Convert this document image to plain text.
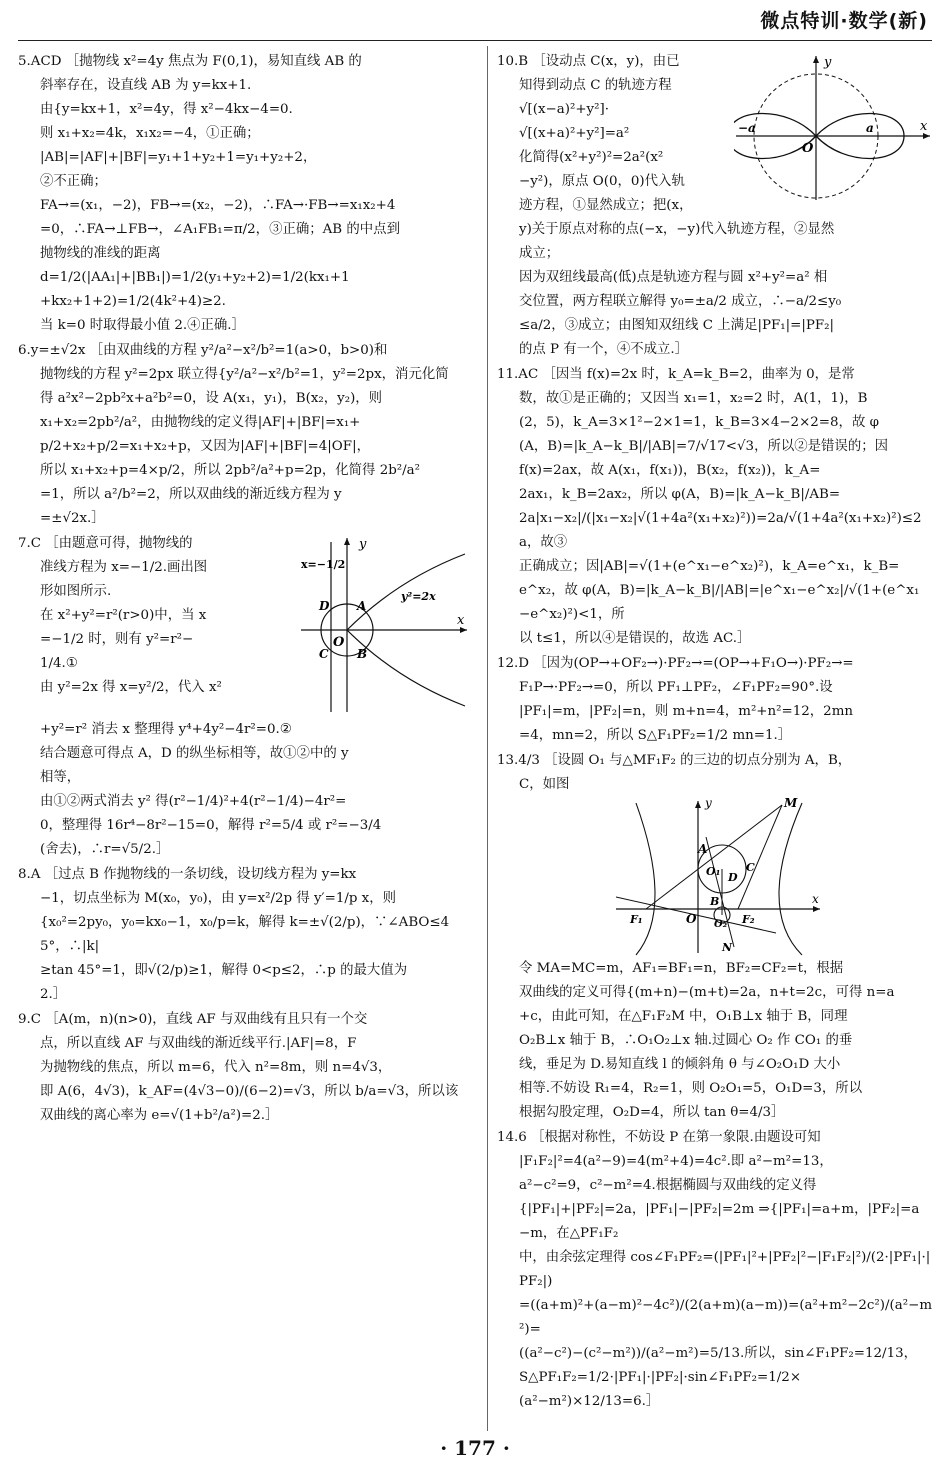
微点特训·数学(新)

5.ACD ［抛物线 x²=4y 焦点为 F(0,1)，易知直线 AB 的

斜率存在，设直线 AB 为 y=kx+1.

由{y=kx+1，x²=4y，得 x²−4kx−4=0.

则 x₁+x₂=4k，x₁x₂=−4，①正确；

|AB|=|AF|+|BF|=y₁+1+y₂+1=y₁+y₂+2，

②不正确；

FA→=(x₁，−2)，FB→=(x₂，−2)，∴FA→·FB→=x₁x₂+4

=0，∴FA→⊥FB→，∠A₁FB₁=π/2，③正确；AB 的中点到

抛物线的准线的距离

d=1/2(|AA₁|+|BB₁|)=1/2(y₁+y₂+2)=1/2(kx₁+1

+kx₂+1+2)=1/2(4k²+4)≥2.

当 k=0 时取得最小值 2.④正确.］

6.y=±√2x ［由双曲线的方程 y²/a²−x²/b²=1(a>0，b>0)和

抛物线的方程 y²=2px 联立得{y²/a²−x²/b²=1，y²=2px，消元化简

得 a²x²−2pb²x+a²b²=0，设 A(x₁，y₁)，B(x₂，y₂)，则

x₁+x₂=2pb²/a²，由抛物线的定义得|AF|+|BF|=x₁+

p/2+x₂+p/2=x₁+x₂+p，又因为|AF|+|BF|=4|OF|，

所以 x₁+x₂+p=4×p/2，所以 2pb²/a²+p=2p，化简得 2b²/a²

=1，所以 a²/b²=2，所以双曲线的渐近线方程为 y

=±√2x.］

y
x
O
A
B
C
D
x=−1/2
y²=2x

7.C ［由题意可得，抛物线的

准线方程为 x=−1/2.画出图

形如图所示.

在 x²+y²=r²(r>0)中，当 x

=−1/2 时，则有 y²=r²−

1/4.①

由 y²=2x 得 x=y²/2，代入 x²

+y²=r² 消去 x 整理得 y⁴+4y²−4r²=0.②

结合题意可得点 A，D 的纵坐标相等，故①②中的 y

相等，

由①②两式消去 y² 得(r²−1/4)²+4(r²−1/4)−4r²=

0，整理得 16r⁴−8r²−15=0，解得 r²=5/4 或 r²=−3/4

(舍去)，∴r=√5/2.］

8.A ［过点 B 作抛物线的一条切线，设切线方程为 y=kx

−1，切点坐标为 M(x₀，y₀)，由 y=x²/2p 得 y′=1/p x，则

{x₀²=2py₀，y₀=kx₀−1，x₀/p=k，解得 k=±√(2/p)，∵∠ABO≤45°，∴|k|

≥tan 45°=1，即√(2/p)≥1，解得 0<p≤2，∴p 的最大值为

2.］

9.C ［A(m，n)(n>0)，直线 AF 与双曲线有且只有一个交

点，所以直线 AF 与双曲线的渐近线平行.|AF|=8，F

为抛物线的焦点，所以 m=6，代入 n²=8m，则 n=4√3，

即 A(6，4√3)，k_AF=(4√3−0)/(6−2)=√3，所以 b/a=√3，所以该

双曲线的离心率为 e=√(1+b²/a²)=2.］

y
x
O
−a	a

10.B ［设动点 C(x，y)，由已

知得到动点 C 的轨迹方程

√[(x−a)²+y²]·

√[(x+a)²+y²]=a²

化简得(x²+y²)²=2a²(x²

−y²)，原点 O(0，0)代入轨

迹方程，①显然成立；把(x，

y)关于原点对称的点(−x，−y)代入轨迹方程，②显然

成立；

因为双纽线最高(低)点是轨迹方程与圆 x²+y²=a² 相

交位置，两方程联立解得 y₀=±a/2 成立，∴−a/2≤y₀

≤a/2，③成立；由图知双纽线 C 上满足|PF₁|=|PF₂|

的点 P 有一个，④不成立.］

11.AC ［因当 f(x)=2x 时，k_A=k_B=2，曲率为 0，是常

数，故①是正确的；又因当 x₁=1，x₂=2 时，A(1，1)，B

(2，5)，k_A=3×1²−2×1=1，k_B=3×4−2×2=8，故 φ

(A，B)=|k_A−k_B|/|AB|=7/√17<√3，所以②是错误的；因

f(x)=2ax，故 A(x₁，f(x₁))，B(x₂，f(x₂))，k_A=

2ax₁，k_B=2ax₂，所以 φ(A，B)=|k_A−k_B|/AB=

2a|x₁−x₂|/(|x₁−x₂|√(1+4a²(x₁+x₂)²))=2a/√(1+4a²(x₁+x₂)²)≤2a，故③

正确成立；因|AB|=√(1+(e^x₁−e^x₂)²)，k_A=e^x₁，k_B=

e^x₂，故 φ(A，B)=|k_A−k_B|/|AB|=|e^x₁−e^x₂|/√(1+(e^x₁−e^x₂)²)<1，所

以 t≤1，所以④是错误的，故选 AC.］

12.D ［因为(OP→+OF₂→)·PF₂→=(OP→+F₁O→)·PF₂→=

F₁P→·PF₂→=0，所以 PF₁⊥PF₂，∠F₁PF₂=90°.设

|PF₁|=m，|PF₂|=n，则 m+n=4，m²+n²=12，2mn

=4，mn=2，所以 S△F₁PF₂=1/2 mn=1.］

13.4/3 ［设圆 O₁ 与△MF₁F₂ 的三边的切点分别为 A，B，

C，如图

y
x
O
M
A
O₁ D
C
B
O₂
F₁	F₂
N

令 MA=MC=m，AF₁=BF₁=n，BF₂=CF₂=t，根据

双曲线的定义可得{(m+n)−(m+t)=2a，n+t=2c，可得 n=a

+c，由此可知，在△F₁F₂M 中，O₁B⊥x 轴于 B，同理

O₂B⊥x 轴于 B，∴O₁O₂⊥x 轴.过圆心 O₂ 作 CO₁ 的垂

线，垂足为 D.易知直线 l 的倾斜角 θ 与∠O₂O₁D 大小

相等.不妨设 R₁=4，R₂=1，则 O₂O₁=5，O₁D=3，所以

根据勾股定理，O₂D=4，所以 tan θ=4/3］

14.6 ［根据对称性，不妨设 P 在第一象限.由题设可知

|F₁F₂|²=4(a²−9)=4(m²+4)=4c².即 a²−m²=13，

a²−c²=9，c²−m²=4.根据椭圆与双曲线的定义得

{|PF₁|+|PF₂|=2a，|PF₁|−|PF₂|=2m ⇒{|PF₁|=a+m，|PF₂|=a−m，在△PF₁F₂

中，由余弦定理得 cos∠F₁PF₂=(|PF₁|²+|PF₂|²−|F₁F₂|²)/(2·|PF₁|·|PF₂|)

=((a+m)²+(a−m)²−4c²)/(2(a+m)(a−m))=(a²+m²−2c²)/(a²−m²)=

((a²−c²)−(c²−m²))/(a²−m²)=5/13.所以，sin∠F₁PF₂=12/13，

S△PF₁F₂=1/2·|PF₁|·|PF₂|·sin∠F₁PF₂=1/2×

(a²−m²)×12/13=6.］

· 177 ·
